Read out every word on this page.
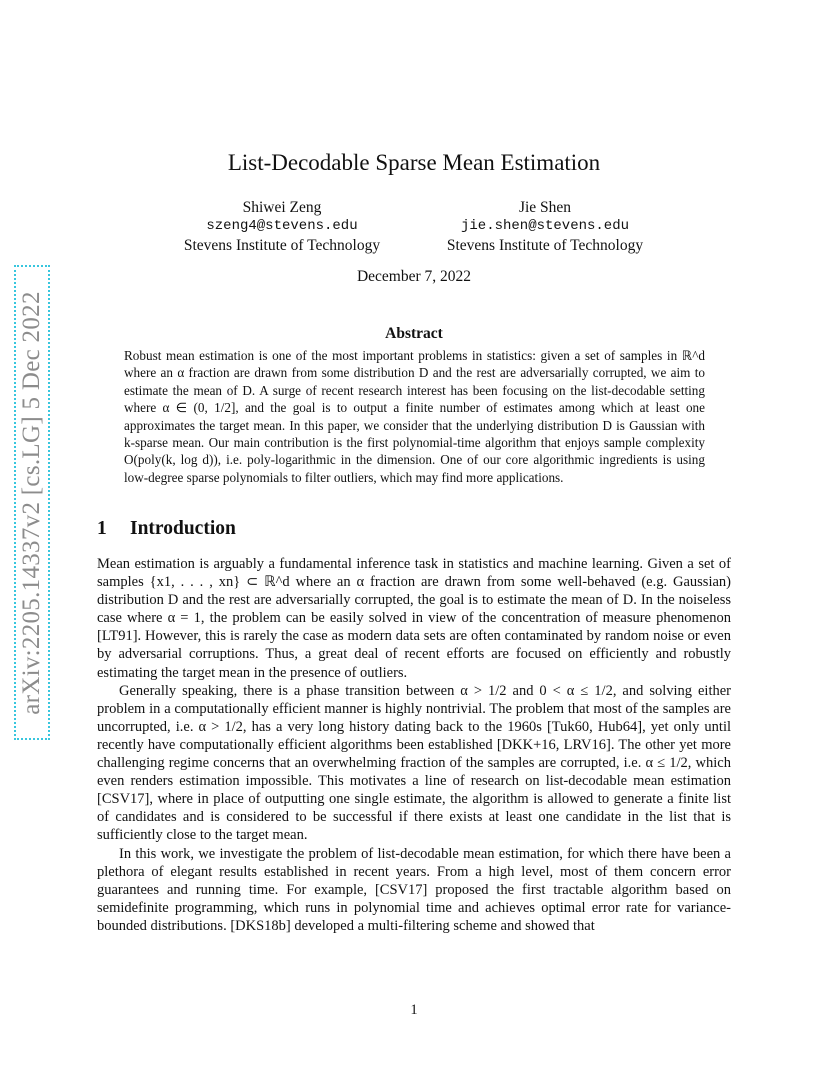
arXiv:2205.14337v2 [cs.LG] 5 Dec 2022
List-Decodable Sparse Mean Estimation
Shiwei Zeng
szeng4@stevens.edu
Stevens Institute of Technology
Jie Shen
jie.shen@stevens.edu
Stevens Institute of Technology
December 7, 2022
Abstract
Robust mean estimation is one of the most important problems in statistics: given a set of samples in ℝ^d where an α fraction are drawn from some distribution D and the rest are adversarially corrupted, we aim to estimate the mean of D. A surge of recent research interest has been focusing on the list-decodable setting where α ∈ (0, 1/2], and the goal is to output a finite number of estimates among which at least one approximates the target mean. In this paper, we consider that the underlying distribution D is Gaussian with k-sparse mean. Our main contribution is the first polynomial-time algorithm that enjoys sample complexity O(poly(k, log d)), i.e. poly-logarithmic in the dimension. One of our core algorithmic ingredients is using low-degree sparse polynomials to filter outliers, which may find more applications.
1 Introduction

Mean estimation is arguably a fundamental inference task in statistics and machine learning. Given a set of samples {x1, . . . , xn} ⊂ ℝ^d where an α fraction are drawn from some well-behaved (e.g. Gaussian) distribution D and the rest are adversarially corrupted, the goal is to estimate the mean of D. In the noiseless case where α = 1, the problem can be easily solved in view of the concentration of measure phenomenon [LT91]. However, this is rarely the case as modern data sets are often contaminated by random noise or even by adversarial corruptions. Thus, a great deal of recent efforts are focused on efficiently and robustly estimating the target mean in the presence of outliers.

Generally speaking, there is a phase transition between α > 1/2 and 0 < α ≤ 1/2, and solving either problem in a computationally efficient manner is highly nontrivial. The problem that most of the samples are uncorrupted, i.e. α > 1/2, has a very long history dating back to the 1960s [Tuk60, Hub64], yet only until recently have computationally efficient algorithms been established [DKK+16, LRV16]. The other yet more challenging regime concerns that an overwhelming fraction of the samples are corrupted, i.e. α ≤ 1/2, which even renders estimation impossible. This motivates a line of research on list-decodable mean estimation [CSV17], where in place of outputting one single estimate, the algorithm is allowed to generate a finite list of candidates and is considered to be successful if there exists at least one candidate in the list that is sufficiently close to the target mean.

In this work, we investigate the problem of list-decodable mean estimation, for which there have been a plethora of elegant results established in recent years. From a high level, most of them concern error guarantees and running time. For example, [CSV17] proposed the first tractable algorithm based on semidefinite programming, which runs in polynomial time and achieves optimal error rate for variance-bounded distributions. [DKS18b] developed a multi-filtering scheme and showed that

1
